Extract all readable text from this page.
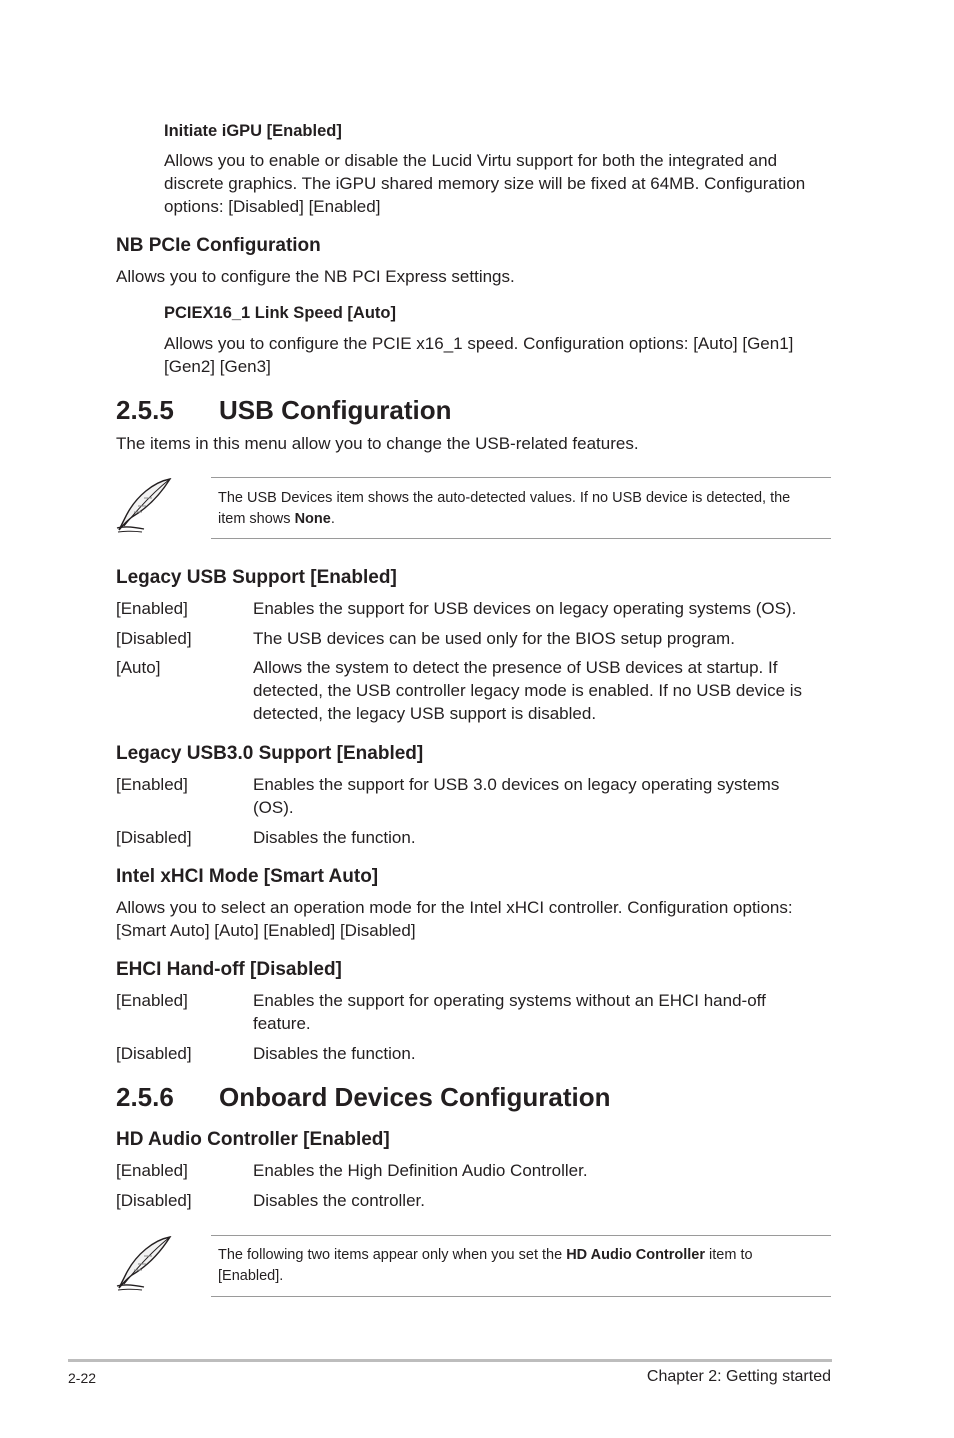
Initiate iGPU [Enabled]
Allows you to enable or disable the Lucid Virtu support for both the integrated and
discrete graphics. The iGPU shared memory size will be fixed at 64MB. Configuration
options: [Disabled] [Enabled]
NB PCIe Configuration
Allows you to configure the NB PCI Express settings.
PCIEX16_1 Link Speed [Auto]
Allows you to configure the PCIE x16_1 speed. Configuration options: [Auto] [Gen1]
[Gen2] [Gen3]
2.5.5 USB Configuration
The items in this menu allow you to change the USB-related features.
The USB Devices item shows the auto-detected values. If no USB device is detected, the
item shows None.
Legacy USB Support [Enabled]
[Enabled]	Enables the support for USB devices on legacy operating systems (OS).
[Disabled]	The USB devices can be used only for the BIOS setup program.
[Auto]	Allows the system to detect the presence of USB devices at startup. If
detected, the USB controller legacy mode is enabled. If no USB device is
detected, the legacy USB support is disabled.
Legacy USB3.0 Support [Enabled]
[Enabled]	Enables the support for USB 3.0 devices on legacy operating systems
(OS).
[Disabled]	Disables the function.
Intel xHCI Mode [Smart Auto]
Allows you to select an operation mode for the Intel xHCI controller. Configuration options:
[Smart Auto] [Auto] [Enabled] [Disabled]
EHCI Hand-off [Disabled]
[Enabled]	Enables the support for operating systems without an EHCI hand-off
feature.
[Disabled]	Disables the function.
2.5.6 Onboard Devices Configuration
HD Audio Controller [Enabled]
[Enabled]	Enables the High Definition Audio Controller.
[Disabled]	Disables the controller.
The following two items appear only when you set the HD Audio Controller item to
[Enabled].
2-22	Chapter 2: Getting started
